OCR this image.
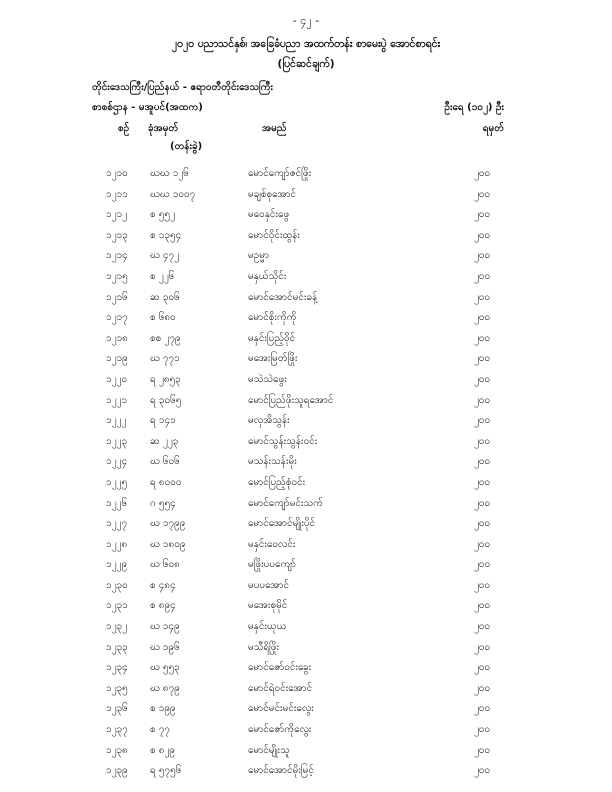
- ၄၂ -
၂၀၂၀ ပညာသင်နှစ်၊ အခြေခံပညာ အထက်တန်း စာမေးပွဲ အောင်စာရင်း
(ပြင်ဆင်ချက်)
တိုင်းဒေသကြီး/ပြည်နယ် - ဧရာဝတီတိုင်းဒေသကြီး
စာစစ်ဌာန - မအူပင်(အထက)	ဦးရေ (၁၀၂) ဦး
စဉ် ခုံအမှတ်
(တန်းခွဲ)
အမည်	ရမှတ်
၁၂၁၀ ဃဃ ၁၂၆	မောင်ကျော်ဇင်ဖြိုး	၂၀၀
၁၂၁၁ ဃဃ ၁၀၀၇	မချစ်စုအောင်	၂၀၀
၁၂၁၂ စ ၅၅၂	မဝေနှင်းဖွေ	၂၀၀
၁၂၁၃ စ ၁၃၅၄	မောင်ဝိုင်းထွန်း	၂၀၀
၁၂၁၄ ဃ ၄၇၂	မဥမ္မာ	၂၀၀
၁၂၁၅ စ ၂၂၆	မနှယ်သိုင်း	၂၀၀
၁၂၁၆ ဆ ၃၀၆	မောင်အောင်မင်းခန့်	၂၀၀
၁၂၁၇ စ ၆၈၀	မောင်စိုးကိုကို	၂၀၀
၁၂၁၈ စစ ၂၇၉	မနှင်းပြည့်ဝိုင်	၂၀၀
၁၂၁၉ ဃ ၇၇၁	မအေးမြတ်ဖြိုး	၂၀၀
၁၂၂၀ ရ ၂၈၅၃	မသဲသဲဖွေး	၂၀၀
၁၂၂၁ ရ ၃၀၆၅	မောင်ပြည်ဖိုးသူရအောင်	၂၀၀
၁၂၂၂ ရ ၁၄၁	မလှအိသွန်း	၂၀၀
၁၂၂၃ ဆ ၂၂၃	မောင်သွန်းသွန်းဝင်း	၂၀၀
၁၂၂၄ ဃ ၆၀၆	မသန်းသန်းမိုး	၂၀၀
၁၂၂၅ ရ ၈၀၀၀	မောင်ပြည့်စုံဝင်း	၂၀၀
၁၂၂၆ ဂ ၅၅၄	မောင်ကျော်မင်းသက်	၂၀၀
၁၂၂၇ ဃ ၁၇၉၉	မောင်အောင်မျိုးပိုင်	၂၀၀
၁၂၂၈ ဃ ၁၈၀၉	မနှင်းဝေလင်း	၂၀၀
၁၂၂၉ ဃ ၆၀၈	မဖြိုးပပကျော်	၂၀၀
၁၂၃၀ စ ၄၈၄	မပပအောင်	၂၀၀
၁၂၃၁ စ ၈၉၄	မအေးစုမိုင်	၂၀၀
၁၂၃၂ ဃ ၁၄၉	မနှင်းယုယ	၂၀၀
၁၂၃၃ ဃ ၁၉၆	မသီရိဖြိုး	၂၀၀
၁၂၃၄ ဃ ၅၅၃	မောင်ဇော်ဝင်းခွေး	၂၀၀
၁၂၃၅ ဃ ၈၇၉	မောင်ရဲဝင်းအောင်	၂၀၀
၁၂၃၆ စ ၁၉၉	မောင်မင်းမင်းလွေး	၂၀၀
၁၂၃၇ စ ၇၇	မောင်ဇော်ကိုလွေး	၂၀၀
၁၂၃၈ စ ၈၂၉	မောင်မျိုးသူ	၂၀၀
၁၂၃၉ ရ ၅၇၅၆	မောင်အောင်မိုးမြင့်	၂၀၀
